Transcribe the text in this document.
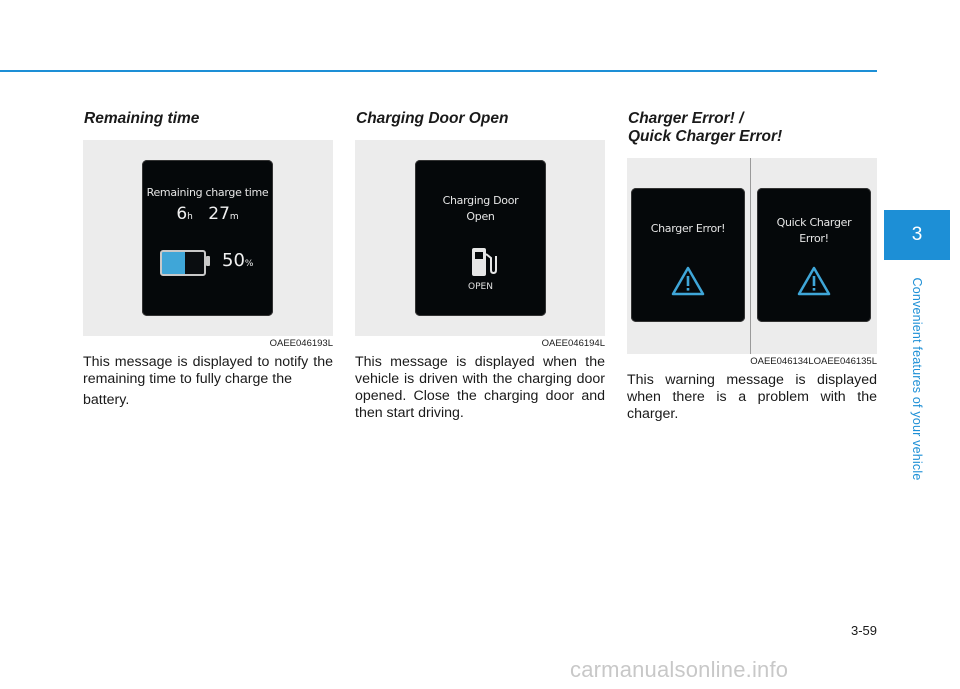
Remaining time
Remaining charge time
6h 27m
50%
OAEE046193L
This message is displayed to notify the remaining time to fully charge the
battery.
Charging Door Open
Charging Door
Open
OPEN
OAEE046194L
This message is displayed when the vehicle is driven with the charging door opened. Close the charging door and then start driving.
Charger Error! /
Quick Charger Error!
Charger Error!	Quick Charger
Error!
OAEE046134LOAEE046135L
This warning message is displayed when there is a problem with the charger.
3
Convenient features of your vehicle
3-59
carmanualsonline.info
